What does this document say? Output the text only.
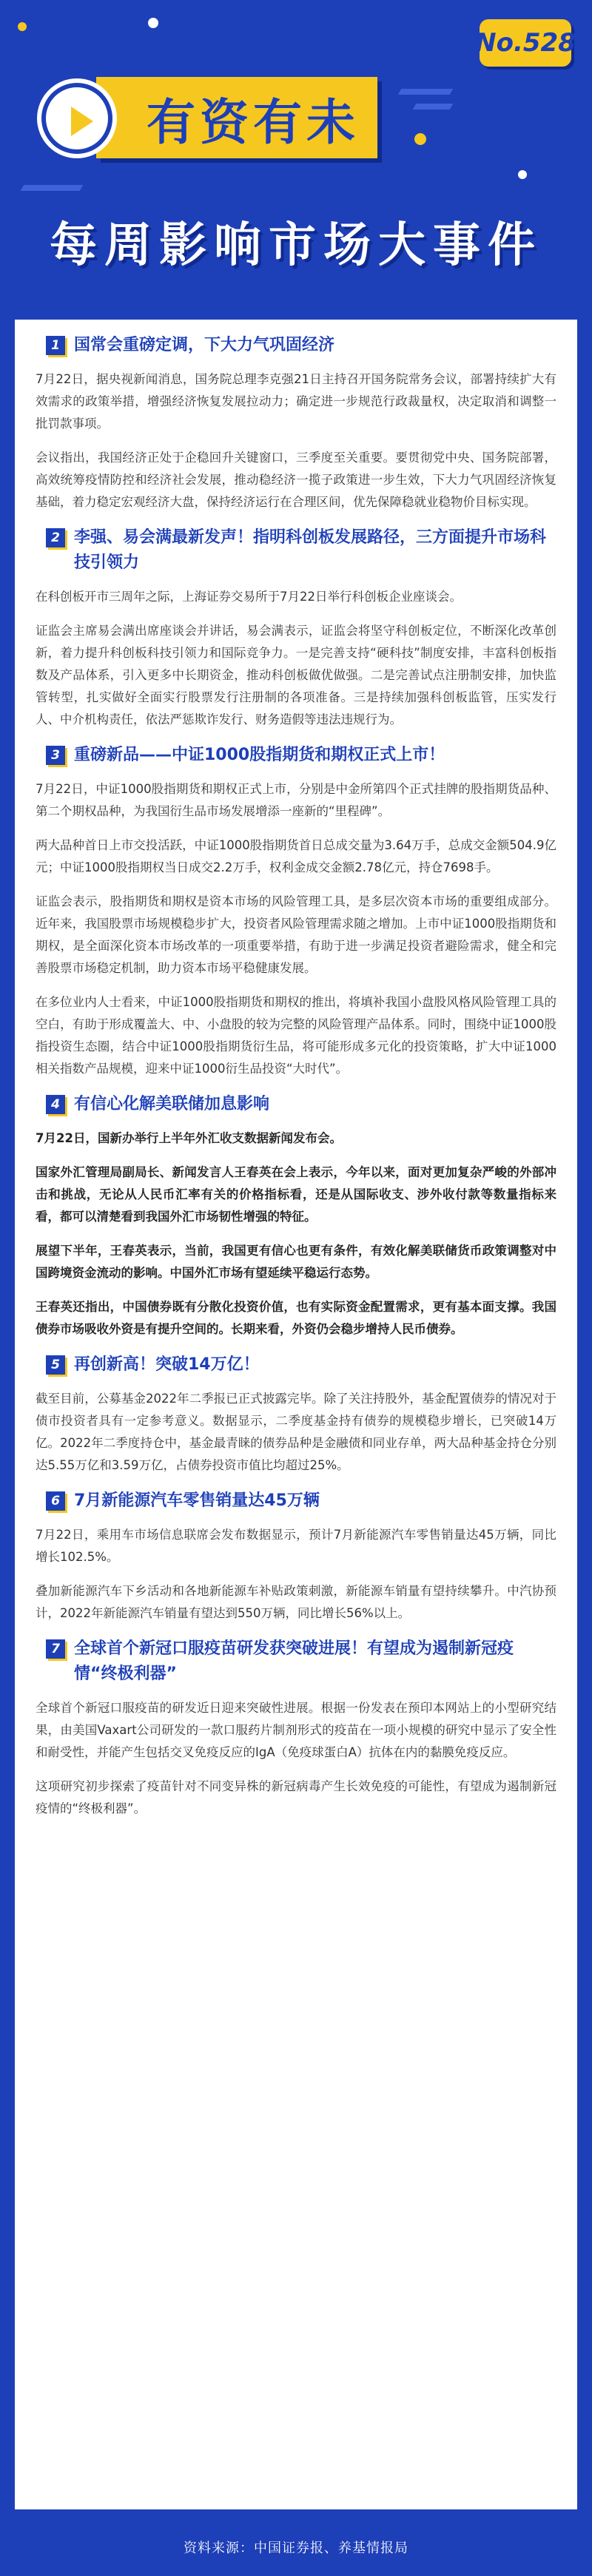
No.528
有资有未
每周影响市场大事件
1 国常会重磅定调，下大力气巩固经济

7月22日，据央视新闻消息，国务院总理李克强21日主持召开国务院常务会议，部署持续扩大有效需求的政策举措，增强经济恢复发展拉动力；确定进一步规范行政裁量权，决定取消和调整一批罚款事项。

会议指出，我国经济正处于企稳回升关键窗口，三季度至关重要。要贯彻党中央、国务院部署，高效统筹疫情防控和经济社会发展，推动稳经济一揽子政策进一步生效，下大力气巩固经济恢复基础，着力稳定宏观经济大盘，保持经济运行在合理区间，优先保障稳就业稳物价目标实现。

2 李强、易会满最新发声！指明科创板发展路径，三方面提升市场科技引领力

在科创板开市三周年之际，上海证券交易所于7月22日举行科创板企业座谈会。

证监会主席易会满出席座谈会并讲话，易会满表示，证监会将坚守科创板定位，不断深化改革创新，着力提升科创板科技引领力和国际竞争力。一是完善支持“硬科技”制度安排，丰富科创板指数及产品体系，引入更多中长期资金，推动科创板做优做强。二是完善试点注册制安排，加快监管转型，扎实做好全面实行股票发行注册制的各项准备。三是持续加强科创板监管，压实发行人、中介机构责任，依法严惩欺诈发行、财务造假等违法违规行为。

3 重磅新品——中证1000股指期货和期权正式上市！

7月22日，中证1000股指期货和期权正式上市，分别是中金所第四个正式挂牌的股指期货品种、第二个期权品种，为我国衍生品市场发展增添一座新的“里程碑”。

两大品种首日上市交投活跃，中证1000股指期货首日总成交量为3.64万手，总成交金额504.9亿元；中证1000股指期权当日成交2.2万手，权利金成交金额2.78亿元，持仓7698手。

证监会表示，股指期货和期权是资本市场的风险管理工具，是多层次资本市场的重要组成部分。近年来，我国股票市场规模稳步扩大，投资者风险管理需求随之增加。上市中证1000股指期货和期权，是全面深化资本市场改革的一项重要举措，有助于进一步满足投资者避险需求，健全和完善股票市场稳定机制，助力资本市场平稳健康发展。

在多位业内人士看来，中证1000股指期货和期权的推出，将填补我国小盘股风格风险管理工具的空白，有助于形成覆盖大、中、小盘股的较为完整的风险管理产品体系。同时，围绕中证1000股指投资生态圈，结合中证1000股指期货衍生品，将可能形成多元化的投资策略，扩大中证1000相关指数产品规模，迎来中证1000衍生品投资“大时代”。

4 有信心化解美联储加息影响

7月22日，国新办举行上半年外汇收支数据新闻发布会。

国家外汇管理局副局长、新闻发言人王春英在会上表示，今年以来，面对更加复杂严峻的外部冲击和挑战，无论从人民币汇率有关的价格指标看，还是从国际收支、涉外收付款等数量指标来看，都可以清楚看到我国外汇市场韧性增强的特征。

展望下半年，王春英表示，当前，我国更有信心也更有条件，有效化解美联储货币政策调整对中国跨境资金流动的影响。中国外汇市场有望延续平稳运行态势。

王春英还指出，中国债券既有分散化投资价值，也有实际资金配置需求，更有基本面支撑。我国债券市场吸收外资是有提升空间的。长期来看，外资仍会稳步增持人民币债券。

5 再创新高！突破14万亿！

截至目前，公募基金2022年二季报已正式披露完毕。除了关注持股外，基金配置债券的情况对于债市投资者具有一定参考意义。数据显示，二季度基金持有债券的规模稳步增长，已突破14万亿。2022年二季度持仓中，基金最青睐的债券品种是金融债和同业存单，两大品种基金持仓分别达5.55万亿和3.59万亿，占债券投资市值比均超过25%。

6 7月新能源汽车零售销量达45万辆

7月22日，乘用车市场信息联席会发布数据显示，预计7月新能源汽车零售销量达45万辆，同比增长102.5%。

叠加新能源汽车下乡活动和各地新能源车补贴政策刺激，新能源车销量有望持续攀升。中汽协预计，2022年新能源汽车销量有望达到550万辆，同比增长56%以上。

7 全球首个新冠口服疫苗研发获突破进展！有望成为遏制新冠疫情“终极利器”

全球首个新冠口服疫苗的研发近日迎来突破性进展。根据一份发表在预印本网站上的小型研究结果，由美国Vaxart公司研发的一款口服药片制剂形式的疫苗在一项小规模的研究中显示了安全性和耐受性，并能产生包括交叉免疫反应的IgA（免疫球蛋白A）抗体在内的黏膜免疫反应。

这项研究初步探索了疫苗针对不同变异株的新冠病毒产生长效免疫的可能性，有望成为遏制新冠疫情的“终极利器”。

资料来源：中国证券报、养基情报局
